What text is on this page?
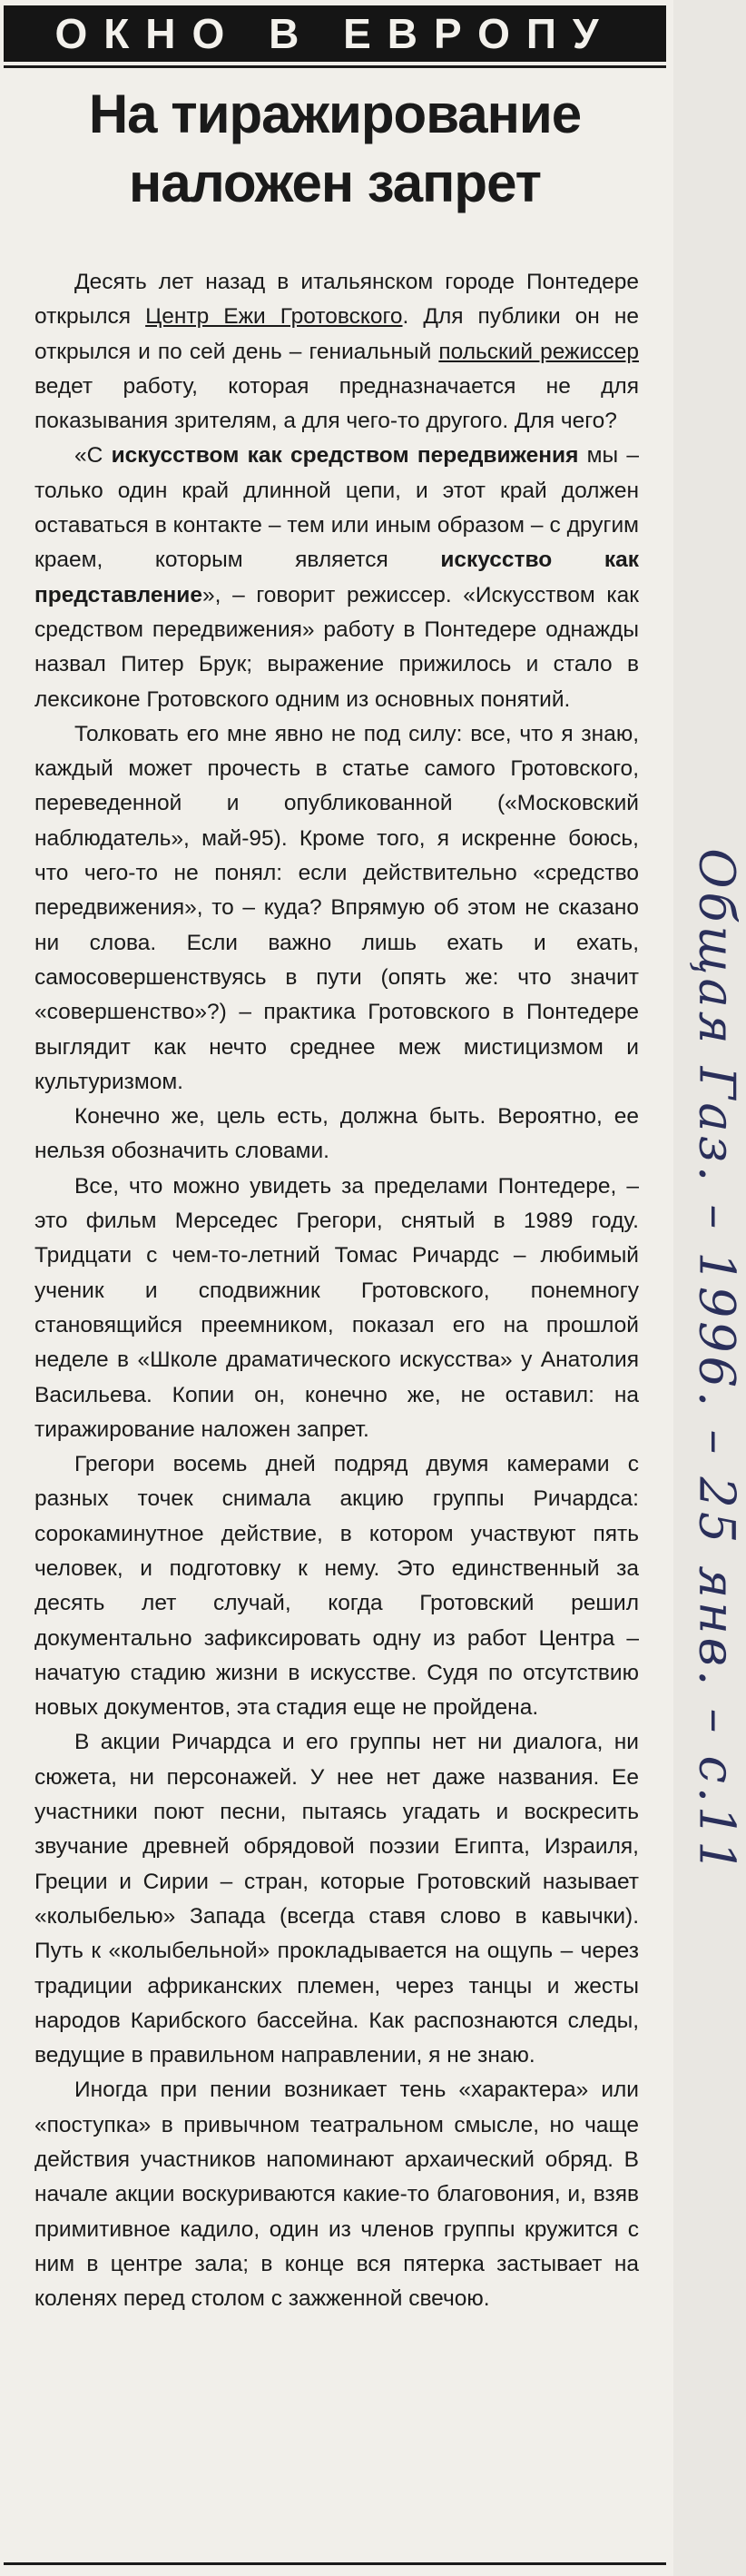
ОКНО В ЕВРОПУ
На тиражирование
наложен запрет

Десять лет назад в итальянском городе Понтедере открылся Центр Ежи Гротовского. Для публики он не открылся и по сей день – гениальный польский режиссер ведет работу, которая предназначается не для показывания зрителям, а для чего-то другого. Для чего?

«С искусством как средством передвижения мы – только один край длинной цепи, и этот край должен оставаться в контакте – тем или иным образом – с другим краем, которым является искусство как представление», – говорит режиссер. «Искусством как средством передвижения» работу в Понтедере однажды назвал Питер Брук; выражение прижилось и стало в лексиконе Гротовского одним из основных понятий.

Толковать его мне явно не под силу: все, что я знаю, каждый может прочесть в статье самого Гротовского, переведенной и опубликованной («Московский наблюдатель», май-95). Кроме того, я искренне боюсь, что чего-то не понял: если действительно «средство передвижения», то – куда? Впрямую об этом не сказано ни слова. Если важно лишь ехать и ехать, самосовершенствуясь в пути (опять же: что значит «совершенство»?) – практика Гротовского в Понтедере выглядит как нечто среднее меж мистицизмом и культуризмом.

Конечно же, цель есть, должна быть. Вероятно, ее нельзя обозначить словами.

Все, что можно увидеть за пределами Понтедере, – это фильм Мерседес Грегори, снятый в 1989 году. Тридцати с чем-то-летний Томас Ричардс – любимый ученик и сподвижник Гротовского, понемногу становящийся преемником, показал его на прошлой неделе в «Школе драматического искусства» у Анатолия Васильева. Копии он, конечно же, не оставил: на тиражирование наложен запрет.

Грегори восемь дней подряд двумя камерами с разных точек снимала акцию группы Ричардса: сорокаминутное действие, в котором участвуют пять человек, и подготовку к нему. Это единственный за десять лет случай, когда Гротовский решил документально зафиксировать одну из работ Центра – начатую стадию жизни в искусстве. Судя по отсутствию новых документов, эта стадия еще не пройдена.

В акции Ричардса и его группы нет ни диалога, ни сюжета, ни персонажей. У нее нет даже названия. Ее участники поют песни, пытаясь угадать и воскресить звучание древней обрядовой поэзии Египта, Израиля, Греции и Сирии – стран, которые Гротовский называет «колыбелью» Запада (всегда ставя слово в кавычки). Путь к «колыбельной» прокладывается на ощупь – через традиции африканских племен, через танцы и жесты народов Карибского бассейна. Как распознаются следы, ведущие в правильном направлении, я не знаю.

Иногда при пении возникает тень «характера» или «поступка» в привычном театральном смысле, но чаще действия участников напоминают архаический обряд. В начале акции воскуриваются какие-то благовония, и, взяв примитивное кадило, один из членов группы кружится с ним в центре зала; в конце вся пятерка застывает на коленях перед столом с зажженной свечою.

Общая Газ. – 1996. – 25 янв. – с.11
